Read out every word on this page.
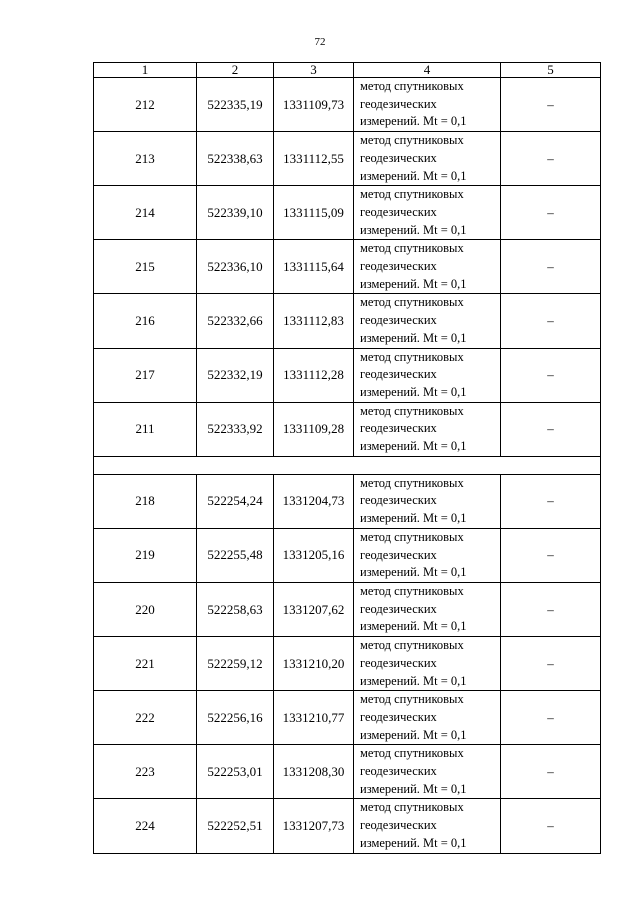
72
1	2	3	4	5
212	522335,19	1331109,73	метод спутниковых
геодезических
измерений. Mt = 0,1	–
213	522338,63	1331112,55	метод спутниковых
геодезических
измерений. Mt = 0,1	–
214	522339,10	1331115,09	метод спутниковых
геодезических
измерений. Mt = 0,1	–
215	522336,10	1331115,64	метод спутниковых
геодезических
измерений. Mt = 0,1	–
216	522332,66	1331112,83	метод спутниковых
геодезических
измерений. Mt = 0,1	–
217	522332,19	1331112,28	метод спутниковых
геодезических
измерений. Mt = 0,1	–
211	522333,92	1331109,28	метод спутниковых
геодезических
измерений. Mt = 0,1	–

218	522254,24	1331204,73	метод спутниковых
геодезических
измерений. Mt = 0,1	–
219	522255,48	1331205,16	метод спутниковых
геодезических
измерений. Mt = 0,1	–
220	522258,63	1331207,62	метод спутниковых
геодезических
измерений. Mt = 0,1	–
221	522259,12	1331210,20	метод спутниковых
геодезических
измерений. Mt = 0,1	–
222	522256,16	1331210,77	метод спутниковых
геодезических
измерений. Mt = 0,1	–
223	522253,01	1331208,30	метод спутниковых
геодезических
измерений. Mt = 0,1	–
224	522252,51	1331207,73	метод спутниковых
геодезических
измерений. Mt = 0,1	–
